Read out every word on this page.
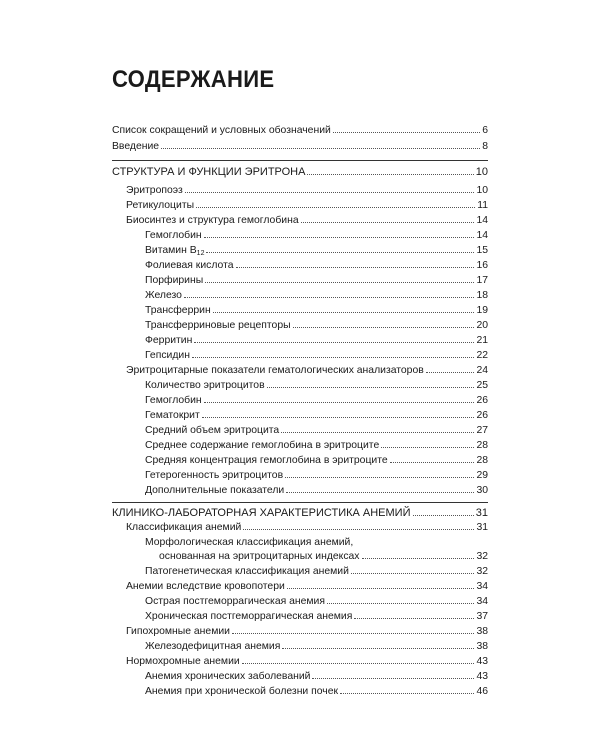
СОДЕРЖАНИЕ
Список сокращений и условных обозначений	6
Введение	8
СТРУКТУРА И ФУНКЦИИ ЭРИТРОНА	10
Эритропоэз	10
Ретикулоциты	11
Биосинтез и структура гемоглобина	14
Гемоглобин	14
Витамин $B_{12}$	15
Фолиевая кислота	16
Порфирины	17
Железо	18
Трансферрин	19
Трансферриновые рецепторы	20
Ферритин	21
Гепсидин	22
Эритроцитарные показатели гематологических анализаторов	24
Количество эритроцитов	25
Гемоглобин	26
Гематокрит	26
Средний объем эритроцита	27
Среднее содержание гемоглобина в эритроците	28
Средняя концентрация гемоглобина в эритроците	28
Гетерогенность эритроцитов	29
Дополнительные показатели	30
КЛИНИКО-ЛАБОРАТОРНАЯ ХАРАКТЕРИСТИКА АНЕМИЙ	31
Классификация анемий	31
Морфологическая классификация анемий,
основанная на эритроцитарных индексах	32
Патогенетическая классификация анемий	32
Анемии вследствие кровопотери	34
Острая постгеморрагическая анемия	34
Хроническая постгеморрагическая анемия	37
Гипохромные анемии	38
Железодефицитная анемия	38
Нормохромные анемии	43
Анемия хронических заболеваний	43
Анемия при хронической болезни почек	46
